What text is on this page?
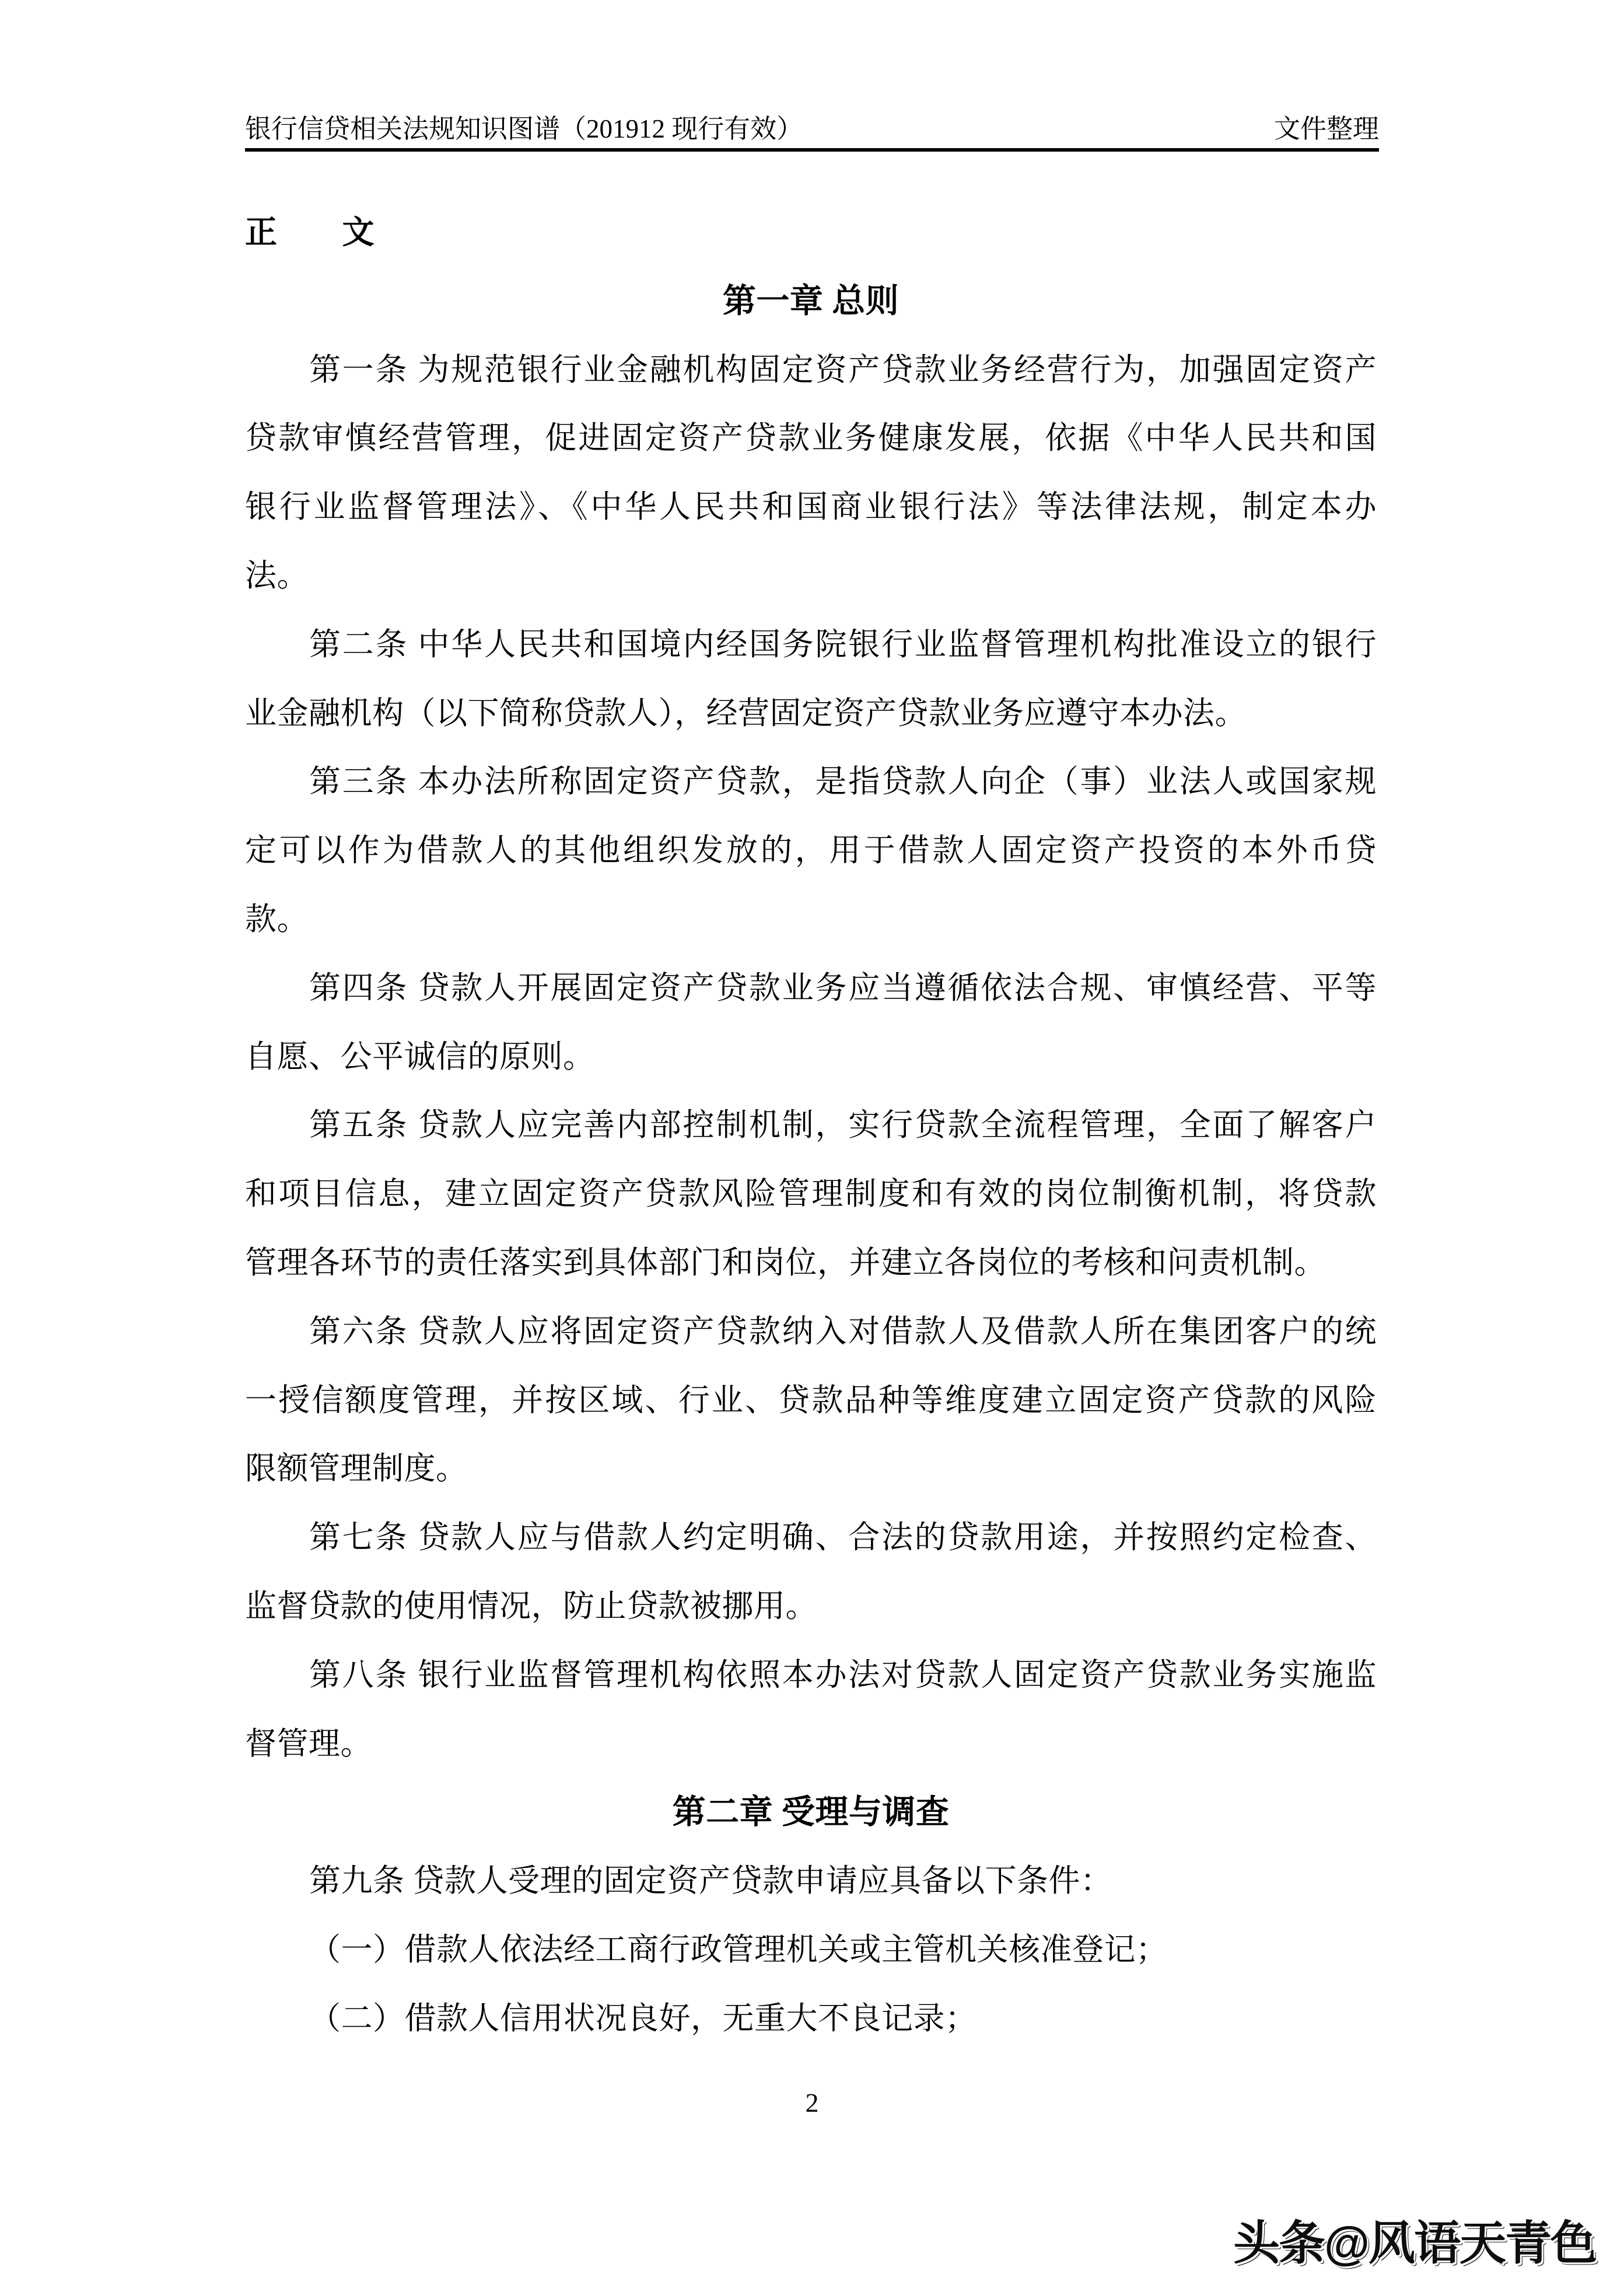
银行信贷相关法规知识图谱（201912 现行有效）	文件整理
正　　文
第一章 总则
第一条 为规范银行业金融机构固定资产贷款业务经营行为，加强固定资产
贷款审慎经营管理，促进固定资产贷款业务健康发展，依据《中华人民共和国
银行业监督管理法》、《中华人民共和国商业银行法》等法律法规，制定本办
法。
第二条 中华人民共和国境内经国务院银行业监督管理机构批准设立的银行
业金融机构（以下简称贷款人），经营固定资产贷款业务应遵守本办法。
第三条 本办法所称固定资产贷款，是指贷款人向企（事）业法人或国家规
定可以作为借款人的其他组织发放的，用于借款人固定资产投资的本外币贷
款。
第四条 贷款人开展固定资产贷款业务应当遵循依法合规、审慎经营、平等
自愿、公平诚信的原则。
第五条 贷款人应完善内部控制机制，实行贷款全流程管理，全面了解客户
和项目信息，建立固定资产贷款风险管理制度和有效的岗位制衡机制，将贷款
管理各环节的责任落实到具体部门和岗位，并建立各岗位的考核和问责机制。
第六条 贷款人应将固定资产贷款纳入对借款人及借款人所在集团客户的统
一授信额度管理，并按区域、行业、贷款品种等维度建立固定资产贷款的风险
限额管理制度。
第七条 贷款人应与借款人约定明确、合法的贷款用途，并按照约定检查、
监督贷款的使用情况，防止贷款被挪用。
第八条 银行业监督管理机构依照本办法对贷款人固定资产贷款业务实施监
督管理。
第二章 受理与调查
第九条 贷款人受理的固定资产贷款申请应具备以下条件：
（一）借款人依法经工商行政管理机关或主管机关核准登记；
（二）借款人信用状况良好，无重大不良记录；
2
头条@风语天青色
